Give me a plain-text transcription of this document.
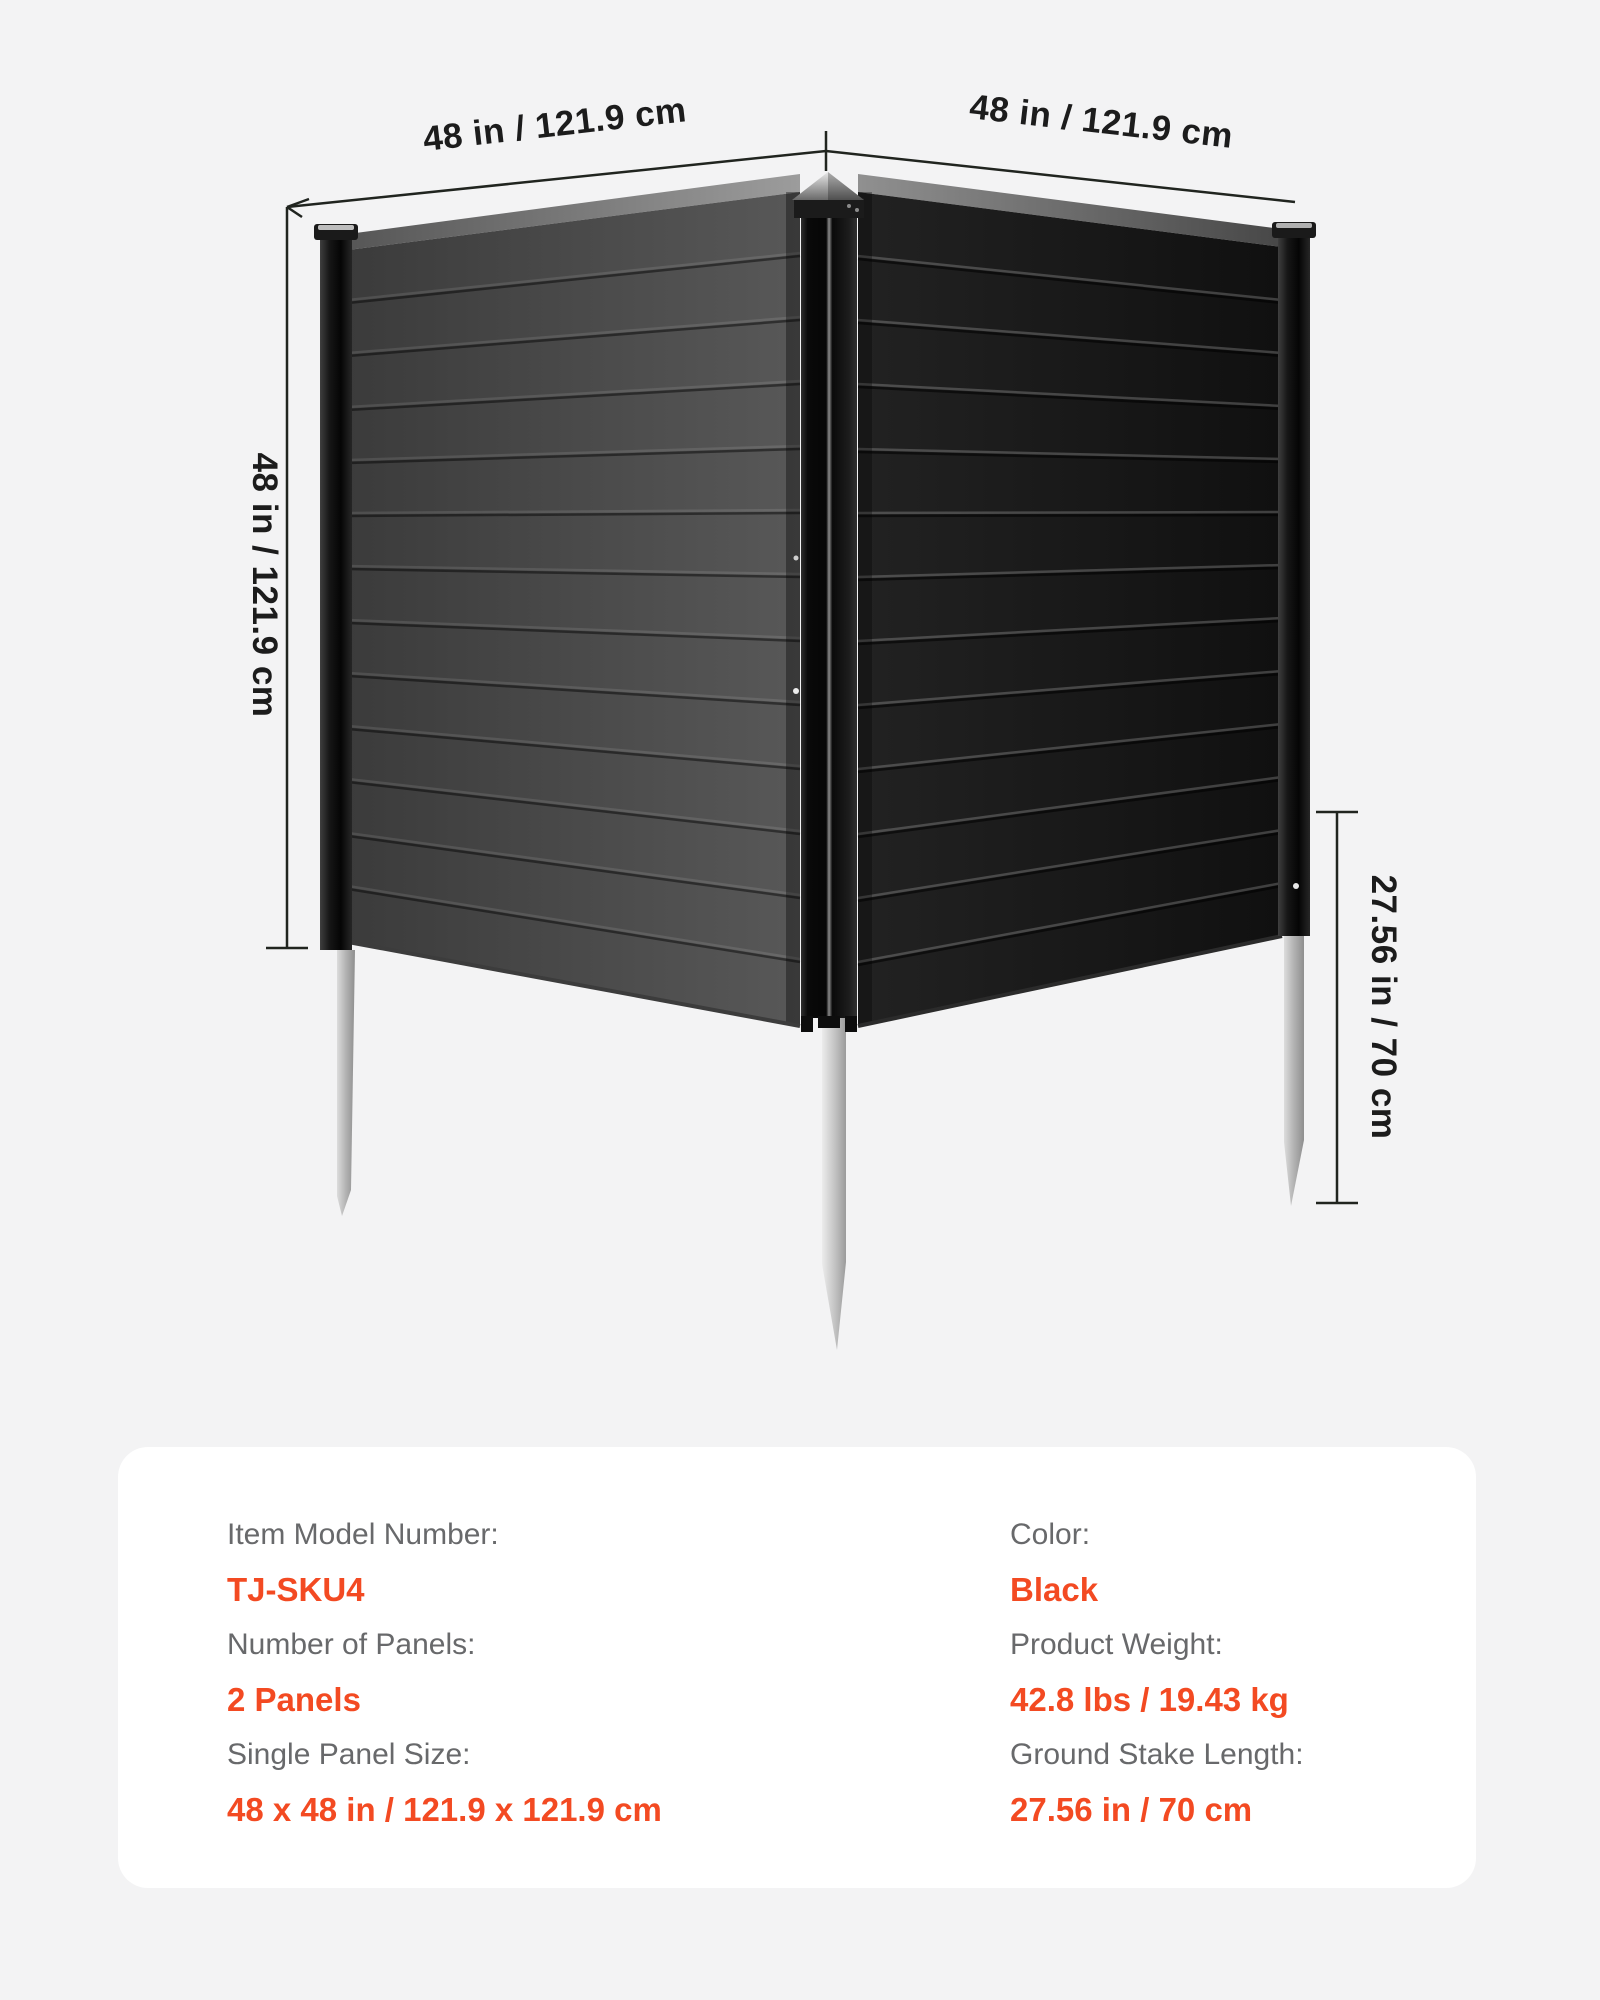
48 in / 121.9 cm	48 in / 121.9 cm
48 in / 121.9 cm
27.56 in / 70 cm
Item Model Number:
TJ-SKU4
Number of Panels:
2 Panels
Single Panel Size:
48 x 48 in / 121.9 x 121.9 cm
Color:
Black
Product Weight:
42.8 lbs / 19.43 kg
Ground Stake Length:
27.56 in / 70 cm
